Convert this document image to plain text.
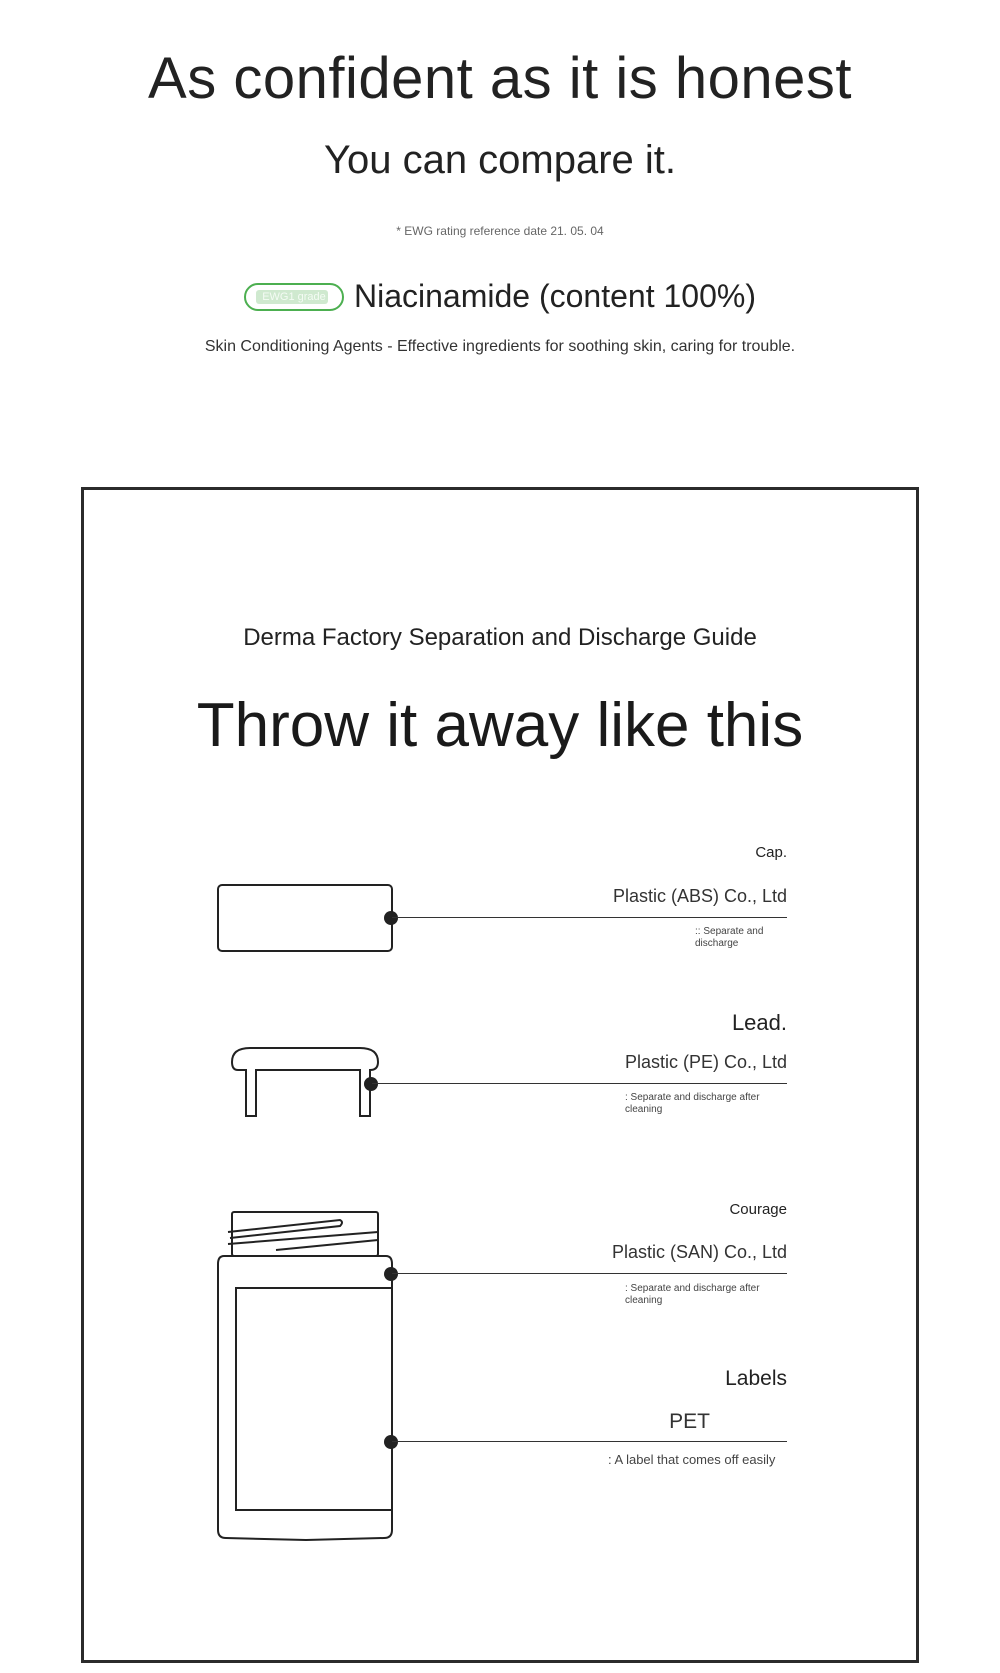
As confident as it is honest
You can compare it.
* EWG rating reference date 21. 05. 04
EWG1 grade Niacinamide (content 100%)
Skin Conditioning Agents - Effective ingredients for soothing skin, caring for trouble.
Derma Factory Separation and Discharge Guide
Throw it away like this
Cap.
Plastic (ABS) Co., Ltd
:: Separate and discharge
Lead.
Plastic (PE) Co., Ltd
: Separate and discharge after cleaning
Courage
Plastic (SAN) Co., Ltd
: Separate and discharge after cleaning
Labels
PET
: A label that comes off easily
